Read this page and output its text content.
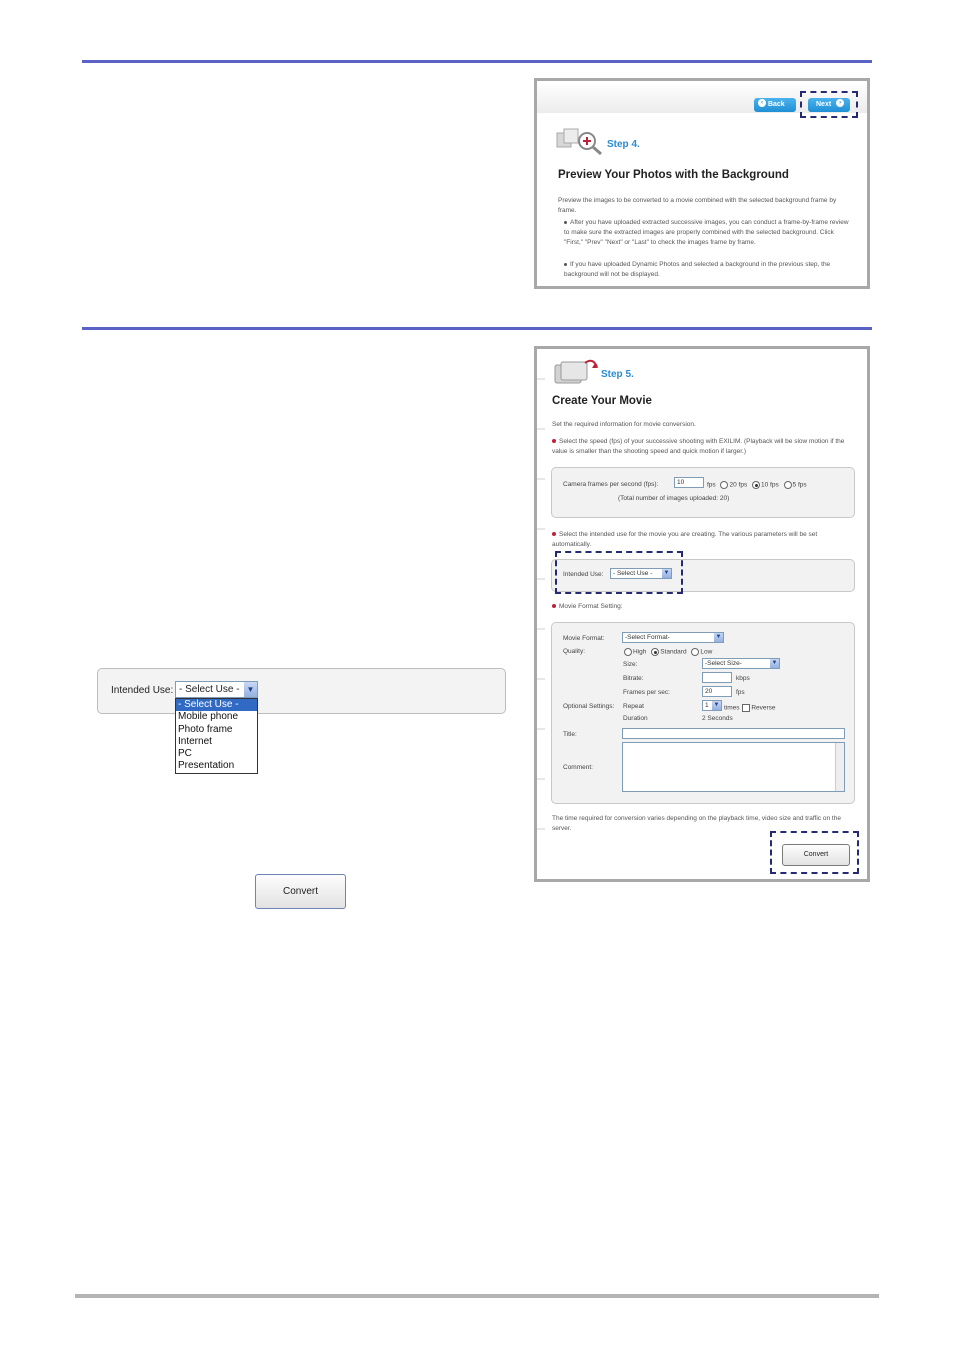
‹ Back	Next ›
Step 4.
Preview Your Photos with the Background
Preview the images to be converted to a movie combined with the selected background frame by frame.
After you have uploaded extracted successive images, you can conduct a frame-by-frame review to make sure the extracted images are properly combined with the selected background. Click "First," "Prev" "Next" or "Last" to check the images frame by frame.
If you have uploaded Dynamic Photos and selected a background in the previous step, the background will not be displayed.
Step 5.
Create Your Movie
Set the required information for movie conversion.
Select the speed (fps) of your successive shooting with EXILIM. (Playback will be slow motion if the value is smaller than the shooting speed and quick motion if larger.)
Camera frames per second (fps):	10	fps 20 fps 10 fps 5 fps
(Total number of images uploaded: 20)
Select the intended use for the movie you are creating. The various parameters will be set automatically.
Intended Use:	- Select Use - ▼
Movie Format Setting:
Movie Format:	-Select Format-	▼
Quality:	High Standard Low
Size:	-Select Size-	▼
Bitrate:	kbps
Frames per sec:	20	fps
Optional Settings: Repeat	1 ▼ times Reverse
Duration	2 Seconds
Title:
Comment:
The time required for conversion varies depending on the playback time, video size and traffic on the server.
Convert
Intended Use: - Select Use - ▼
- Select Use -
Mobile phone
Photo frame
Internet
PC
Presentation
Convert
